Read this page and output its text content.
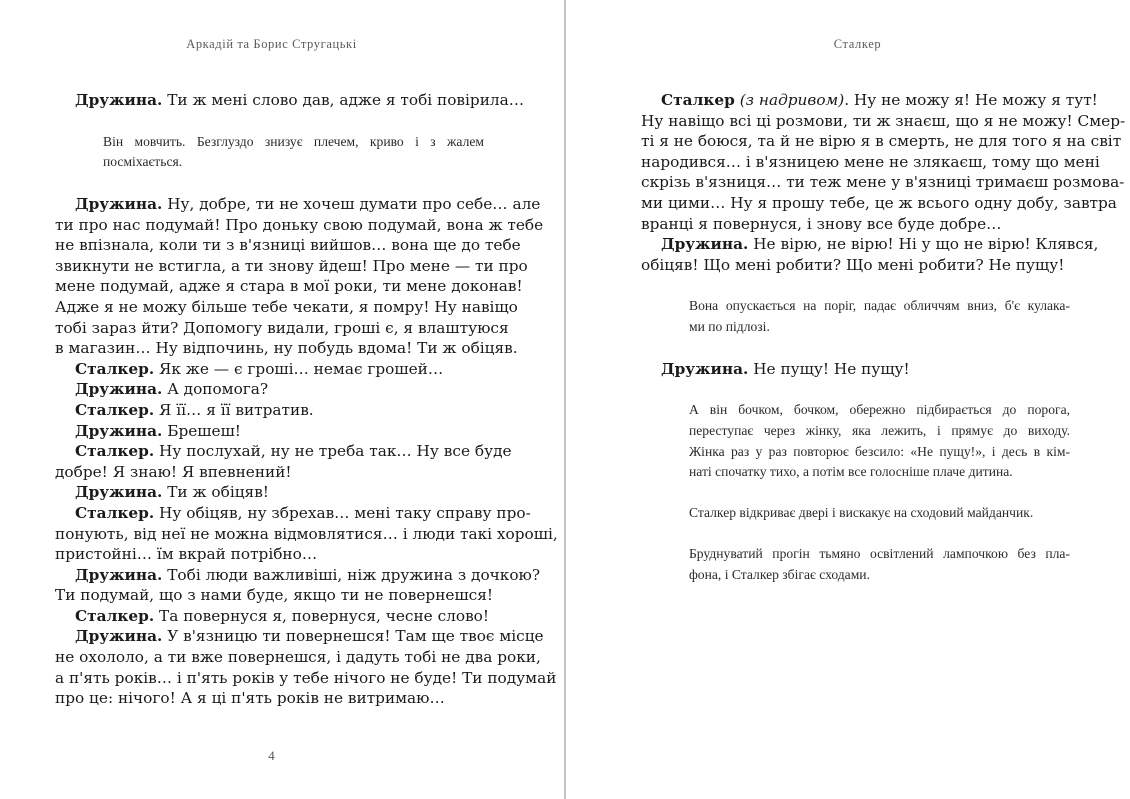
Аркадій та Борис Стругацькі
Дружина. Ти ж мені слово дав, адже я тобі повірила…
Він мовчить. Безглуздо знизує плечем, криво і з жалем
посміхається.
Дружина. Ну, добре, ти не хочеш думати про себе… але
ти про нас подумай! Про доньку свою подумай, вона ж тебе
не впізнала, коли ти з в'язниці вийшов… вона ще до тебе
звикнути не встигла, а ти знову йдеш! Про мене — ти про
мене подумай, адже я стара в мої роки, ти мене доконав!
Адже я не можу більше тебе чекати, я помру! Ну навіщо
тобі зараз йти? Допомогу видали, гроші є, я влаштуюся
в магазин… Ну відпочинь, ну побудь вдома! Ти ж обіцяв.
Сталкер. Як же — є гроші… немає грошей…
Дружина. А допомога?
Сталкер. Я її… я її витратив.
Дружина. Брешеш!
Сталкер. Ну послухай, ну не треба так… Ну все буде
добре! Я знаю! Я впевнений!
Дружина. Ти ж обіцяв!
Сталкер. Ну обіцяв, ну збрехав… мені таку справу про-
понують, від неї не можна відмовлятися… і люди такі хороші,
пристойні… їм вкрай потрібно…
Дружина. Тобі люди важливіші, ніж дружина з дочкою?
Ти подумай, що з нами буде, якщо ти не повернешся!
Сталкер. Та повернуся я, повернуся, чесне слово!
Дружина. У в'язницю ти повернешся! Там ще твоє місце
не охололо, а ти вже повернешся, і дадуть тобі не два роки,
а п'ять років… і п'ять років у тебе нічого не буде! Ти подумай
про це: нічого! А я ці п'ять років не витримаю…
4
Сталкер
Сталкер (з надривом). Ну не можу я! Не можу я тут!
Ну навіщо всі ці розмови, ти ж знаєш, що я не можу! Смер-
ті я не боюся, та й не вірю я в смерть, не для того я на світ
народився… і в'язницею мене не злякаєш, тому що мені
скрізь в'язниця… ти теж мене у в'язниці тримаєш розмова-
ми цими… Ну я прошу тебе, це ж всього одну добу, завтра
вранці я повернуся, і знову все буде добре…
Дружина. Не вірю, не вірю! Ні у що не вірю! Клявся,
обіцяв! Що мені робити? Що мені робити? Не пущу!
Вона опускається на поріг, падає обличчям вниз, б'є кулака-
ми по підлозі.
Дружина. Не пущу! Не пущу!
А він бочком, бочком, обережно підбирається до порога,
переступає через жінку, яка лежить, і прямує до виходу.
Жінка раз у раз повторює безсило: «Не пущу!», і десь в кім-
наті спочатку тихо, а потім все голосніше плаче дитина.
Сталкер відкриває двері і вискакує на сходовий майданчик.
Бруднуватий прогін тьмяно освітлений лампочкою без пла-
фона, і Сталкер збігає сходами.
